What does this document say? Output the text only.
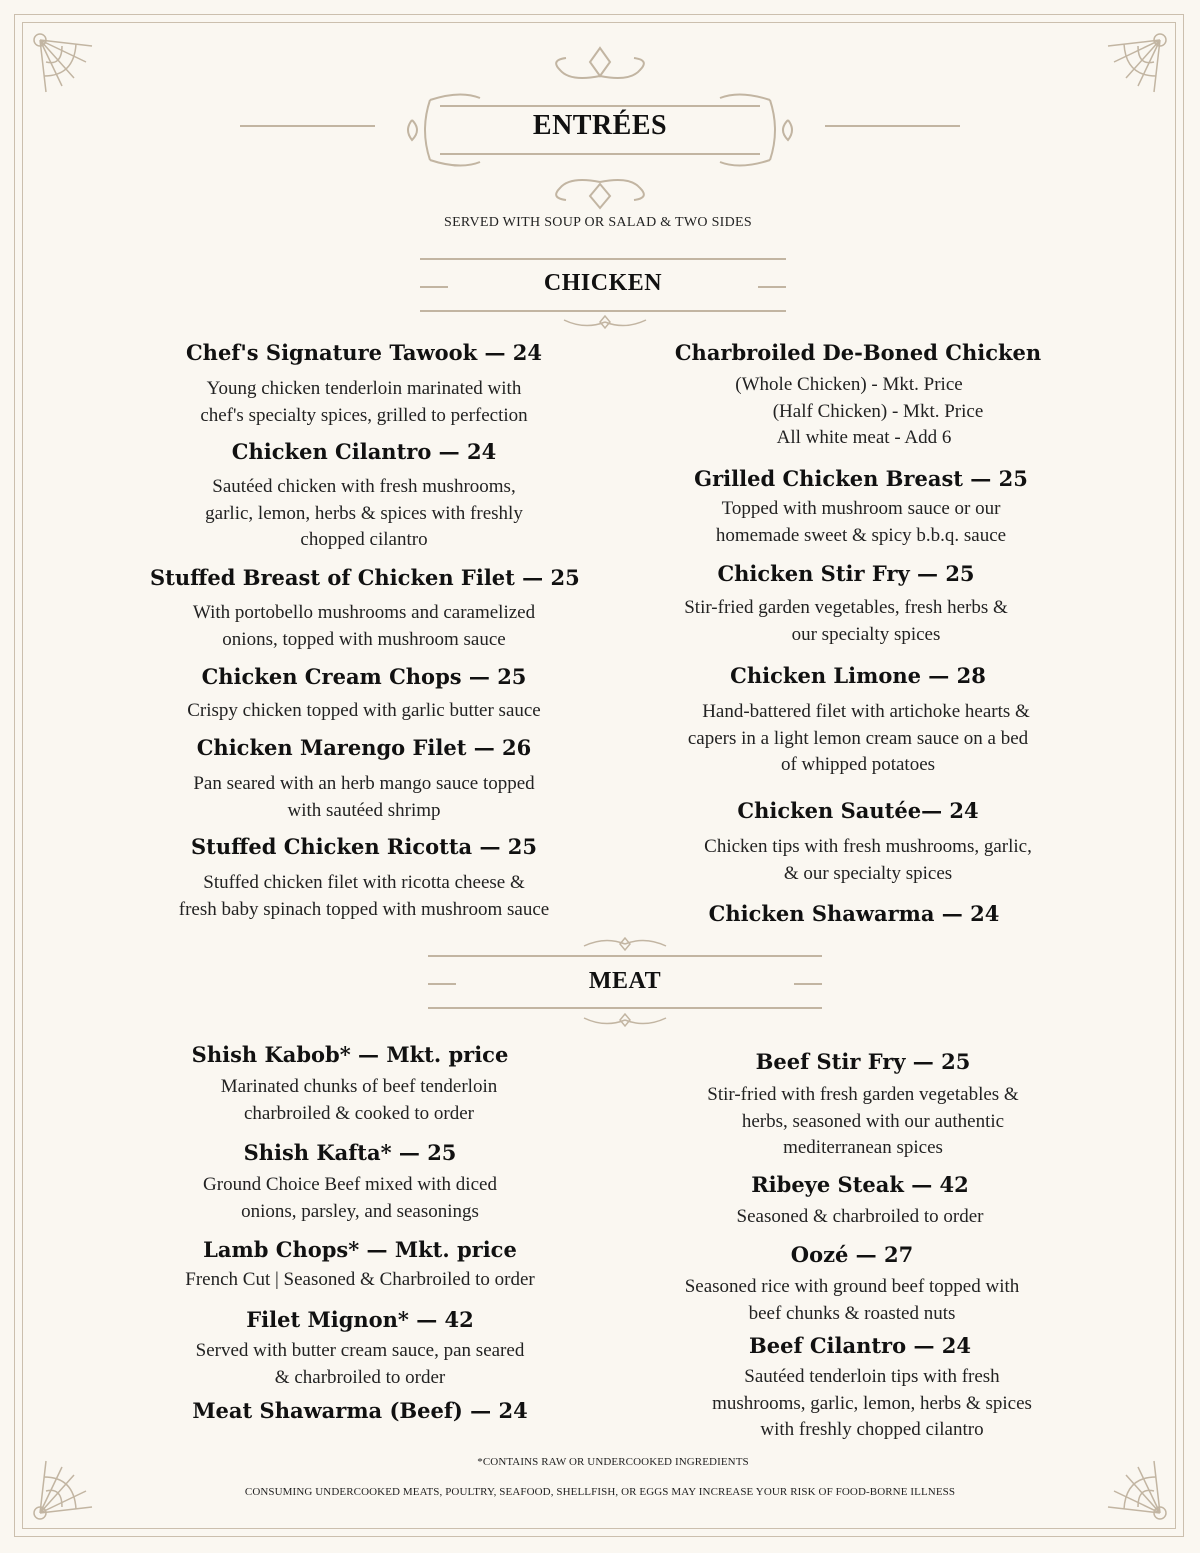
ENTRÉES
SERVED WITH SOUP OR SALAD & TWO SIDES
CHICKEN
Chef's Signature Tawook — 24
Young chicken tenderloin marinated with
chef's specialty spices, grilled to perfection
Chicken Cilantro — 24
Sautéed chicken with fresh mushrooms,
garlic, lemon, herbs & spices with freshly
chopped cilantro
Stuffed Breast of Chicken Filet — 25
With portobello mushrooms and caramelized
onions, topped with mushroom sauce
Chicken Cream Chops — 25
Crispy chicken topped with garlic butter sauce
Chicken Marengo Filet — 26
Pan seared with an herb mango sauce topped
with sautéed shrimp
Stuffed Chicken Ricotta — 25
Stuffed chicken filet with ricotta cheese &
fresh baby spinach topped with mushroom sauce
Charbroiled De-Boned Chicken
(Whole Chicken) - Mkt. Price
(Half Chicken) - Mkt. Price
All white meat - Add 6
Grilled Chicken Breast — 25
Topped with mushroom sauce or our
homemade sweet & spicy b.b.q. sauce
Chicken Stir Fry — 25
Stir-fried garden vegetables, fresh herbs &
our specialty spices
Chicken Limone — 28
Hand-battered filet with artichoke hearts &
capers in a light lemon cream sauce on a bed
of whipped potatoes
Chicken Sautée— 24
Chicken tips with fresh mushrooms, garlic,
& our specialty spices
Chicken Shawarma — 24
MEAT
Shish Kabob* — Mkt. price
Marinated chunks of beef tenderloin
charbroiled & cooked to order
Shish Kafta* — 25
Ground Choice Beef mixed with diced
onions, parsley, and seasonings
Lamb Chops* — Mkt. price
French Cut | Seasoned & Charbroiled to order
Filet Mignon* — 42
Served with butter cream sauce, pan seared
& charbroiled to order
Meat Shawarma (Beef) — 24
Beef Stir Fry — 25
Stir-fried with fresh garden vegetables &
herbs, seasoned with our authentic
mediterranean spices
Ribeye Steak — 42
Seasoned & charbroiled to order
Oozé — 27
Seasoned rice with ground beef topped with
beef chunks & roasted nuts
Beef Cilantro — 24
Sautéed tenderloin tips with fresh
mushrooms, garlic, lemon, herbs & spices
with freshly chopped cilantro
*CONTAINS RAW OR UNDERCOOKED INGREDIENTS
CONSUMING UNDERCOOKED MEATS, POULTRY, SEAFOOD, SHELLFISH, OR EGGS MAY INCREASE YOUR RISK OF FOOD-BORNE ILLNESS
